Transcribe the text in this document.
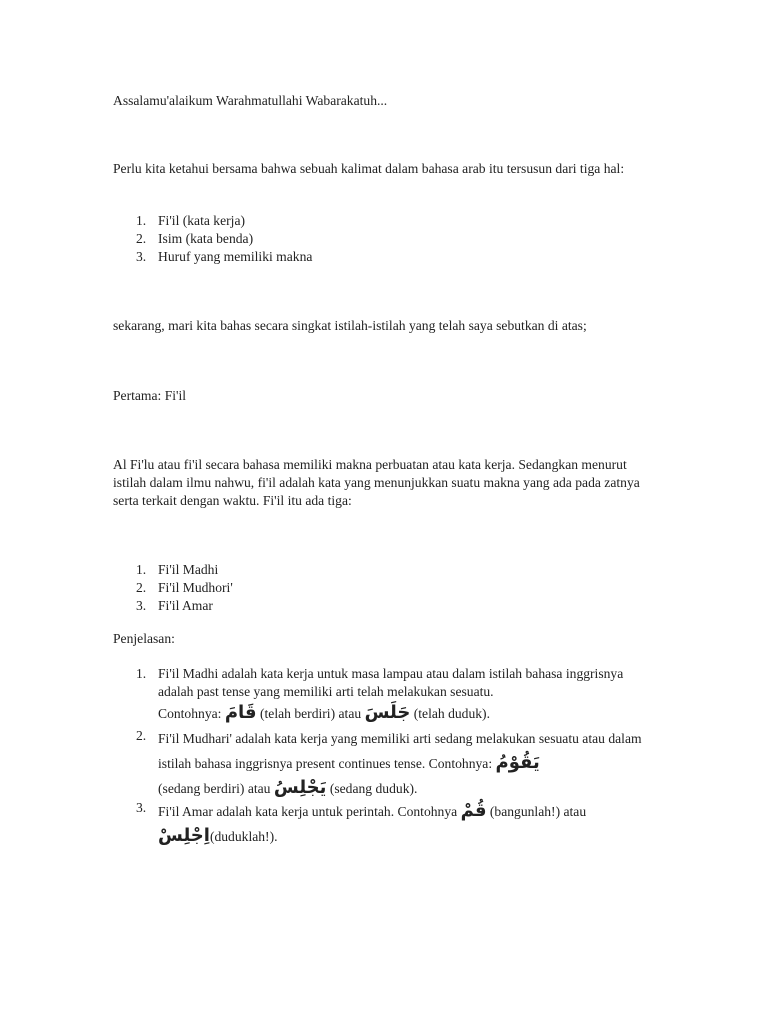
Assalamu'alaikum Warahmatullahi Wabarakatuh...

Perlu kita ketahui bersama bahwa sebuah kalimat dalam bahasa arab itu tersusun dari tiga hal:

1. Fi'il (kata kerja)
2. Isim (kata benda)
3. Huruf yang memiliki makna

sekarang, mari kita bahas secara singkat istilah-istilah yang telah saya sebutkan di atas;

Pertama: Fi'il

Al Fi'lu atau fi'il secara bahasa memiliki makna perbuatan atau kata kerja. Sedangkan menurut istilah dalam ilmu nahwu, fi'il adalah kata yang menunjukkan suatu makna yang ada pada zatnya serta terkait dengan waktu. Fi'il itu ada tiga:

1. Fi'il Madhi
2. Fi'il Mudhori'
3. Fi'il Amar

Penjelasan:

1. Fi'il Madhi adalah kata kerja untuk masa lampau atau dalam istilah bahasa inggrisnya adalah past tense yang memiliki arti telah melakukan sesuatu.
Contohnya: قَامَ (telah berdiri) atau جَلَسَ (telah duduk).
2. Fi'il Mudhari' adalah kata kerja yang memiliki arti sedang melakukan sesuatu atau dalam istilah bahasa inggrisnya present continues tense. Contohnya: يَقُوْمُ
(sedang berdiri) atau يَجْلِسُ (sedang duduk).
3. Fi'il Amar adalah kata kerja untuk perintah. Contohnya قُمْ (bangunlah!) atau
اِجْلِسْ(duduklah!).
